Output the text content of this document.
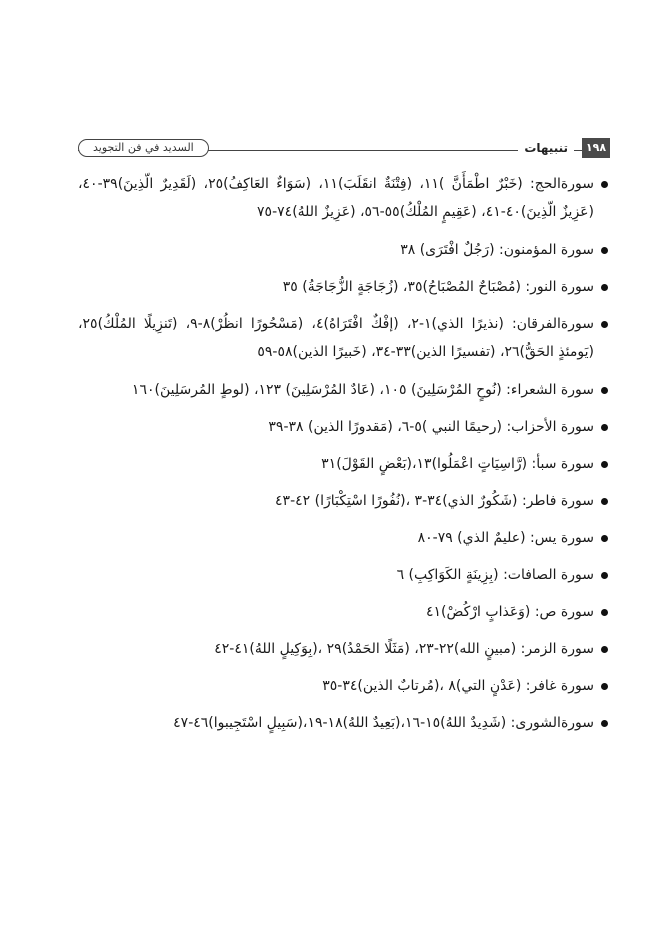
١٩٨
تنبيهات
السديد في فن التجويد
سورةالحج: (خَبْرٌ اطْمَأَنَّ )١١، (فِتْنَةٌ انقَلَبَ)١١، (سَوَاءٌ العَاكِفُ)٢٥، (لَقَدِيرٌ الّذِينَ)٣٩-٤٠، (عَزِيزٌ الّذِينَ)٤٠-٤١، (عَقِيمٍ المُلْكُ)٥٥-٥٦، (عَزِيزٌ اللهُ)٧٤-٧٥
سورة المؤمنون: (رَجُلٌ افْتَرَى) ٣٨
سورة النور: (مُصْبَاحٌ المُصْبَاحُ)٣٥، (زُجَاجَةٍ الزُّجَاجَةُ) ٣٥
سورةالفرقان: (نذيرًا الذي)١-٢، (إفْكٌ افْتَرَاهُ)٤، (مَسْحُورًا انظُرْ)٨-٩، (تَنزِيلًا المُلْكُ)٢٥، (يَومئذٍ الحَقُّ)٢٦، (تفسيرًا الذين)٣٣-٣٤، (خَبيرًا الذين)٥٨-٥٩
سورة الشعراء: (نُوحٍ المُرْسَلِينَ) ١٠٥، (عَادٌ المُرْسَلِينَ) ١٢٣، (لوطٍ المُرسَلِينَ)١٦٠
سورة الأحزاب: (رحيمًا النبي )٥-٦، (مَقدورًا الذين) ٣٨-٣٩
سورة سبأ: (رَّاسِيَاتٍ اعْمَلُوا)١٣،(بَعْضٍ القَوْلَ)٣١
سورة فاطر: (شَكُورٌ الذي)٣٤-٣ ،(نُفُورًا اسْتِكْبَارًا) ٤٢-٤٣
سورة يس: (عليمٌ الذي) ٧٩-٨٠
سورة الصافات: (بِزِينَةٍ الكَوَاكِبِ) ٦
سورة ص: (وَعَذابٍ ارْكُضْ)٤١
سورة الزمر: (مبينٍ الله)٢٢-٢٣، (مَثَلًا الحَمْدُ)٢٩ ،(بِوَكِيلٍ اللهُ)٤١-٤٢
سورة غافر: (عَدْنٍ التي)٨ ،(مُرتابٌ الذين)٣٤-٣٥
سورةالشورى: (شَدِيدٌ اللهُ)١٥-١٦،(بَعِيدٌ اللهُ)١٨-١٩،(سَبِيلٍ اسْتَجِيبوا)٤٦-٤٧
